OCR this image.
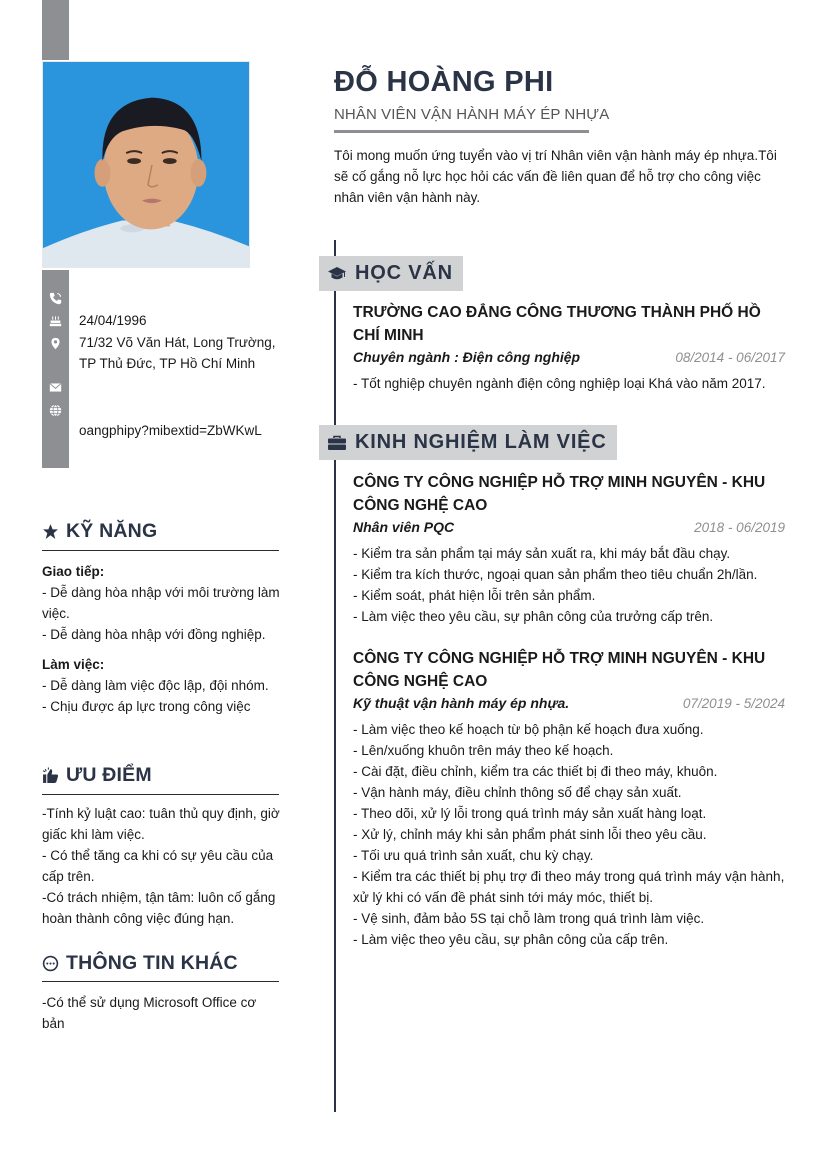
24/04/1996
71/32 Võ Văn Hát, Long Trường,
TP Thủ Đức, TP Hồ Chí Minh
oangphipy?mibextid=ZbWKwL
KỸ NĂNG
Giao tiếp:
- Dễ dàng hòa nhập với môi trường làm việc.
- Dễ dàng hòa nhập với đồng nghiệp.
Làm việc:
- Dễ dàng làm việc độc lập, đội nhóm.
- Chịu được áp lực trong công việc
ƯU ĐIỂM
-Tính kỷ luật cao: tuân thủ quy định, giờ giấc khi làm việc.
- Có thể tăng ca khi có sự yêu cầu của cấp trên.
-Có trách nhiệm, tận tâm: luôn cố gắng hoàn thành công việc đúng hạn.
THÔNG TIN KHÁC
-Có thể sử dụng Microsoft Office cơ bản
ĐỖ HOÀNG PHI
NHÂN VIÊN VẬN HÀNH MÁY ÉP NHỰA
Tôi mong muốn ứng tuyển vào vị trí Nhân viên vận hành máy ép nhựa.Tôi sẽ cố gắng nỗ lực học hỏi các vấn đề liên quan để hỗ trợ cho công việc nhân viên vận hành này.
HỌC VẤN
TRƯỜNG CAO ĐẲNG CÔNG THƯƠNG THÀNH PHỐ HỒ CHÍ MINH
Chuyên ngành : Điện công nghiệp	08/2014 - 06/2017
- Tốt nghiệp chuyên ngành điện công nghiệp loại Khá vào năm 2017.
KINH NGHIỆM LÀM VIỆC
CÔNG TY CÔNG NGHIỆP HỖ TRỢ MINH NGUYÊN - KHU CÔNG NGHỆ CAO
Nhân viên PQC	2018 - 06/2019
- Kiểm tra sản phẩm tại máy sản xuất ra, khi máy bắt đầu chạy.
- Kiểm tra kích thước, ngoại quan sản phẩm theo tiêu chuẩn 2h/lần.
- Kiểm soát, phát hiện lỗi trên sản phẩm.
- Làm việc theo yêu cầu, sự phân công của trưởng cấp trên.
CÔNG TY CÔNG NGHIỆP HỖ TRỢ MINH NGUYÊN - KHU CÔNG NGHỆ CAO
Kỹ thuật vận hành máy ép nhựa.	07/2019 - 5/2024
- Làm việc theo kế hoạch từ bộ phận kế hoạch đưa xuống.
- Lên/xuống khuôn trên máy theo kế hoạch.
- Cài đặt, điều chỉnh, kiểm tra các thiết bị đi theo máy, khuôn.
- Vận hành máy, điều chỉnh thông số để chạy sản xuất.
- Theo dõi, xử lý lỗi trong quá trình máy sản xuất hàng loạt.
- Xử lý, chỉnh máy khi sản phẩm phát sinh lỗi theo yêu cầu.
- Tối ưu quá trình sản xuất, chu kỳ chạy.
- Kiểm tra các thiết bị phụ trợ đi theo máy trong quá trình máy vận hành, xử lý khi có vấn đề phát sinh tới máy móc, thiết bị.
- Vệ sinh, đảm bảo 5S tại chỗ làm trong quá trình làm việc.
- Làm việc theo yêu cầu, sự phân công của cấp trên.
